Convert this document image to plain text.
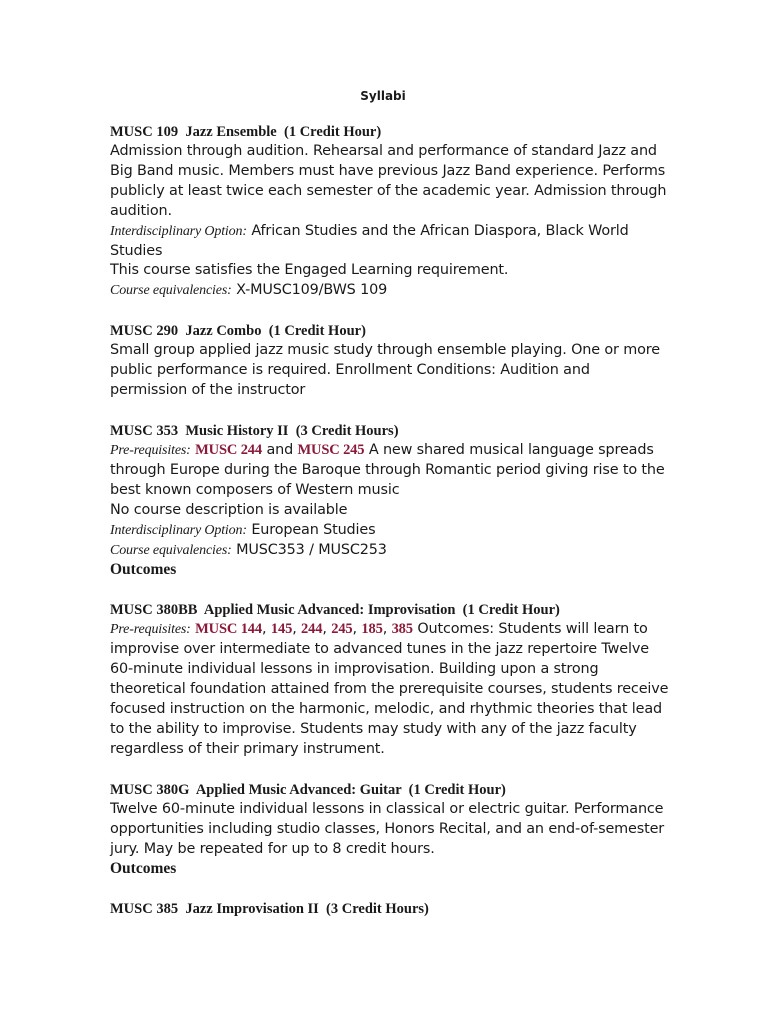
Syllabi
MUSC 109 Jazz Ensemble (1 Credit Hour)
Admission through audition. Rehearsal and performance of standard Jazz and Big Band music. Members must have previous Jazz Band experience. Performs publicly at least twice each semester of the academic year. Admission through audition.
Interdisciplinary Option: African Studies and the African Diaspora, Black World Studies
This course satisfies the Engaged Learning requirement.
Course equivalencies: X-MUSC109/BWS 109
MUSC 290 Jazz Combo (1 Credit Hour)
Small group applied jazz music study through ensemble playing. One or more public performance is required. Enrollment Conditions: Audition and permission of the instructor
MUSC 353 Music History II (3 Credit Hours)
Pre-requisites: MUSC 244 and MUSC 245 A new shared musical language spreads through Europe during the Baroque through Romantic period giving rise to the best known composers of Western music
No course description is available
Interdisciplinary Option: European Studies
Course equivalencies: MUSC353 / MUSC253
Outcomes
MUSC 380BB Applied Music Advanced: Improvisation (1 Credit Hour)
Pre-requisites: MUSC 144, 145, 244, 245, 185, 385 Outcomes: Students will learn to improvise over intermediate to advanced tunes in the jazz repertoire Twelve 60-minute individual lessons in improvisation. Building upon a strong theoretical foundation attained from the prerequisite courses, students receive focused instruction on the harmonic, melodic, and rhythmic theories that lead to the ability to improvise. Students may study with any of the jazz faculty regardless of their primary instrument.
MUSC 380G Applied Music Advanced: Guitar (1 Credit Hour)
Twelve 60-minute individual lessons in classical or electric guitar. Performance opportunities including studio classes, Honors Recital, and an end-of-semester jury. May be repeated for up to 8 credit hours.
Outcomes
MUSC 385 Jazz Improvisation II (3 Credit Hours)
